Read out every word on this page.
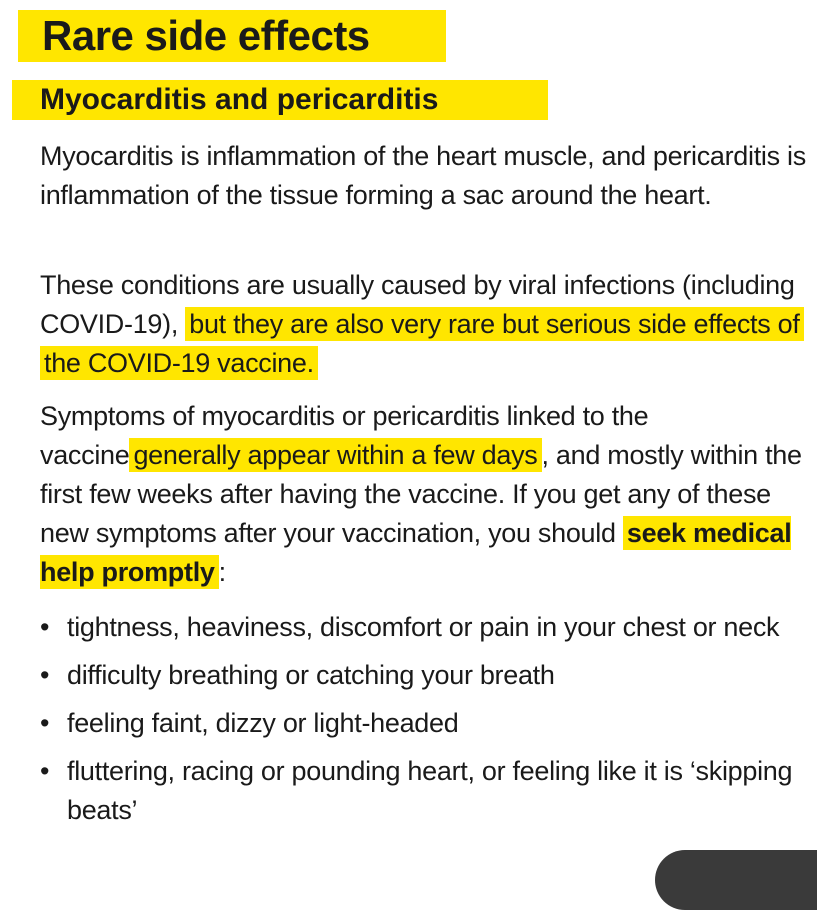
Rare side effects
Myocarditis and pericarditis
Myocarditis is inflammation of the heart muscle, and pericarditis is inflammation of the tissue forming a sac around the heart.
These conditions are usually caused by viral infections (including COVID-19), but they are also very rare but serious side effects of the COVID-19 vaccine.
Symptoms of myocarditis or pericarditis linked to the vaccine generally appear within a few days , and mostly within the first few weeks after having the vaccine. If you get any of these new symptoms after your vaccination, you should seek medical help promptly :
• tightness, heaviness, discomfort or pain in your chest or neck
• difficulty breathing or catching your breath
• feeling faint, dizzy or light-headed
• fluttering, racing or pounding heart, or feeling like it is ‘skipping beats’
